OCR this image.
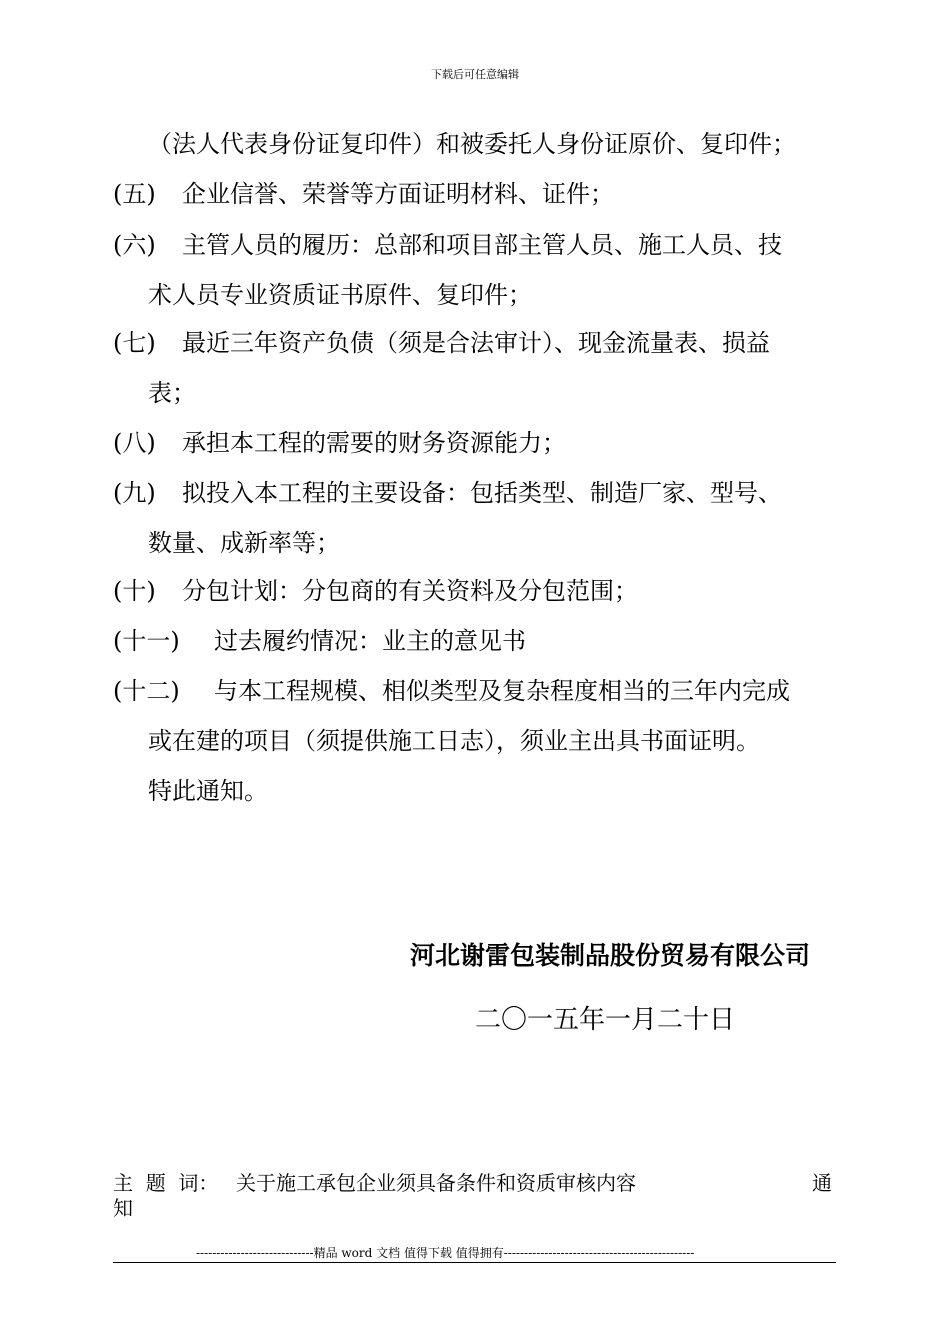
下载后可任意编辑
（法人代表身份证复印件）和被委托人身份证原价、复印件；
(五) 企业信誉、荣誉等方面证明材料、证件；
(六) 主管人员的履历：总部和项目部主管人员、施工人员、技
术人员专业资质证书原件、复印件；
(七) 最近三年资产负债（须是合法审计）、现金流量表、损益
表；
(八) 承担本工程的需要的财务资源能力；
(九) 拟投入本工程的主要设备：包括类型、制造厂家、型号、
数量、成新率等；
(十) 分包计划：分包商的有关资料及分包范围；
(十一) 过去履约情况：业主的意见书
(十二) 与本工程规模、相似类型及复杂程度相当的三年内完成
或在建的项目（须提供施工日志），须业主出具书面证明。
特此通知。
河北谢雷包装制品股份贸易有限公司
二〇一五年一月二十日
主  题  词： 关于施工承包企业须具备条件和资质审核内容	通
知
-----------------------------精品 word 文档 值得下载 值得拥有-----------------------------------------------
